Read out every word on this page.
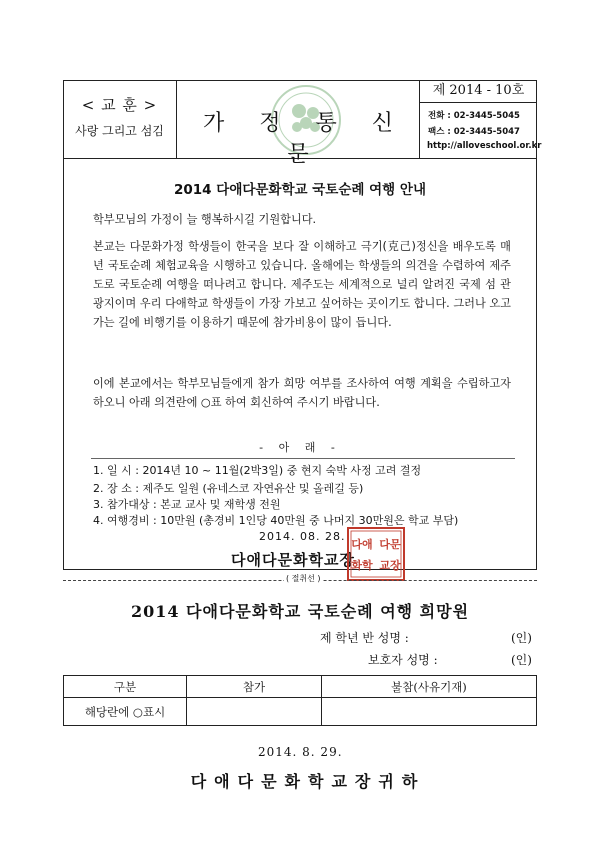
< 교 훈 >
사랑 그리고 섬김	가 정 통 신 문
제 2014 - 10호
전화 : 02-3445-5045
팩스 : 02-3445-5047
http://alloveschool.or.kr
2014 다애다문화학교 국토순례 여행 안내
학부모님의 가정이 늘 행복하시길 기원합니다.
본교는 다문화가정 학생들이 한국을 보다 잘 이해하고 극기(克己)정신을 배우도록 매년 국토순례 체험교육을 시행하고 있습니다. 올해에는 학생들의 의견을 수렴하여 제주도로 국토순례 여행을 떠나려고 합니다. 제주도는 세계적으로 널리 알려진 국제 섬 관광지이며 우리 다애학교 학생들이 가장 가보고 싶어하는 곳이기도 합니다. 그러나 오고가는 길에 비행기를 이용하기 때문에 참가비용이 많이 듭니다.
이에 본교에서는 학부모님들에게 참가 희망 여부를 조사하여 여행 계획을 수립하고자 하오니 아래 의견란에 ○표 하여 회신하여 주시기 바랍니다.
- 아 래 -
1. 일 시 : 2014년 10 ~ 11월(2박3일) 중 현지 숙박 사정 고려 결정
2. 장 소 : 제주도 일원 (유네스코 자연유산 및 올레길 등)
3. 참가대상 : 본교 교사 및 재학생 전원
4. 여행경비 : 10만원 (총경비 1인당 40만원 중 나머지 30만원은 학교 부담)
2014. 08. 28.
다애다문화학교장
다애 다문
화학 교장
( 절취선 )
2014 다애다문화학교 국토순례 여행 희망원
제 학년 반 성명 :	(인)
보호자 성명 :	(인)
구분	참가	불참(사유기재)
해당란에 ○표시		
2014. 8. 29.
다애다문화학교장귀하
